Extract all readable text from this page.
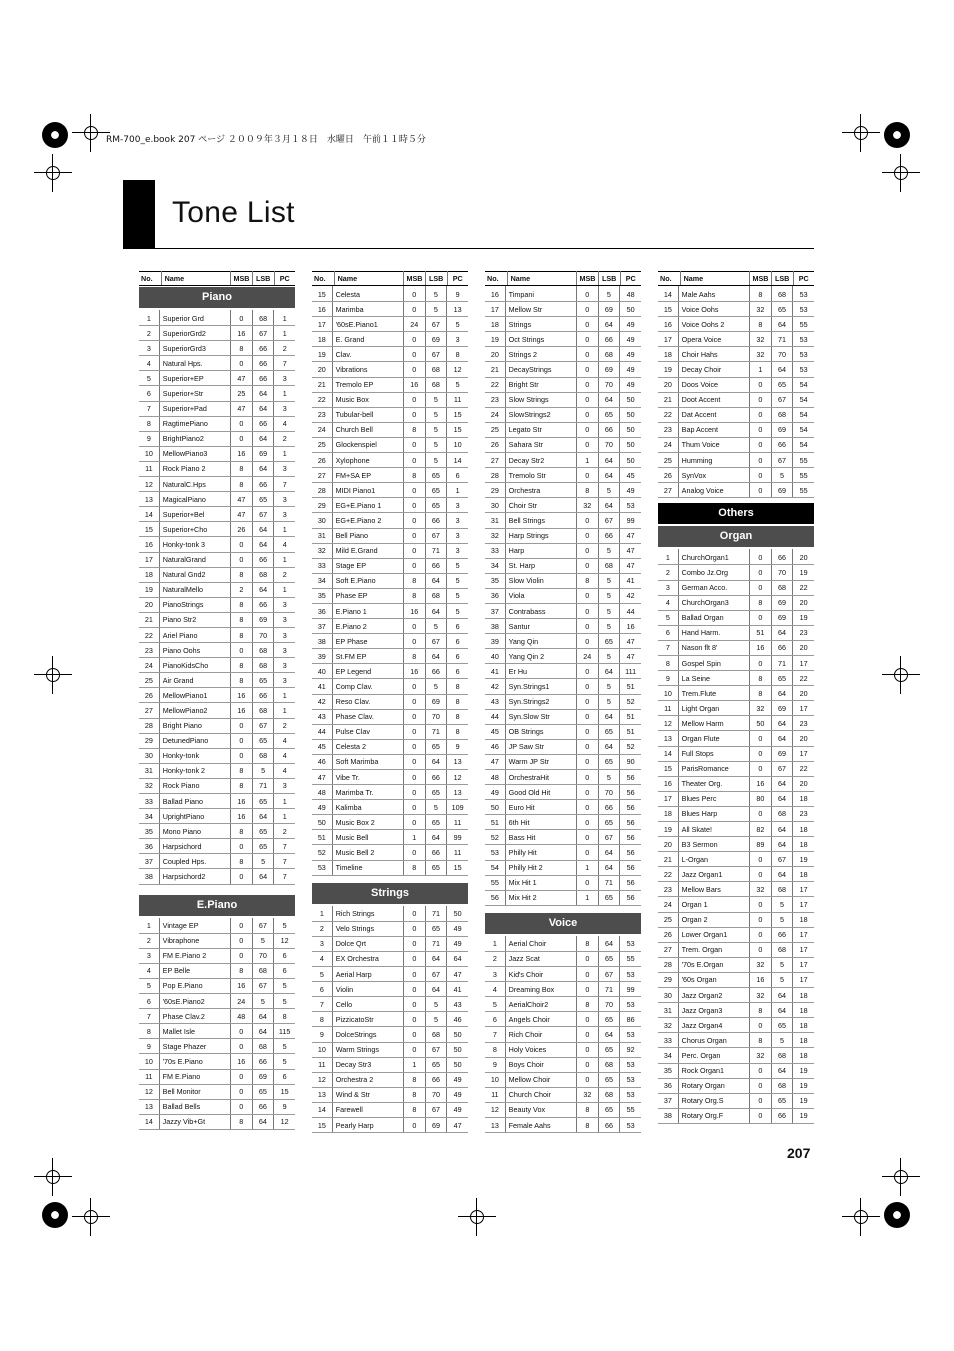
RM-700_e.book 207 ページ ２００９年３月１８日　水曜日　午前１１時５分
Tone List
No.	Name	MSB	LSB	PC
Piano
1	Superior Grd	0	68	1
2	SuperiorGrd2	16	67	1
3	SuperiorGrd3	8	66	2
4	Natural Hps.	0	66	7
5	Superior+EP	47	66	3
6	Superior+Str	25	64	1
7	Superior+Pad	47	64	3
8	RagtimePiano	0	66	4
9	BrightPiano2	0	64	2
10	MellowPiano3	16	69	1
11	Rock Piano 2	8	64	3
12	NaturalC.Hps	8	66	7
13	MagicalPiano	47	65	3
14	Superior+Bel	47	67	3
15	Superior+Cho	26	64	1
16	Honky-tonk 3	0	64	4
17	NaturalGrand	0	66	1
18	Natural Gnd2	8	68	2
19	NaturalMello	2	64	1
20	PianoStrings	8	66	3
21	Piano Str2	8	69	3
22	Ariel Piano	8	70	3
23	Piano Oohs	0	68	3
24	PianoKidsCho	8	68	3
25	Air Grand	8	65	3
26	MellowPiano1	16	66	1
27	MellowPiano2	16	68	1
28	Bright Piano	0	67	2
29	DetunedPiano	0	65	4
30	Honky-tonk	0	68	4
31	Honky-tonk 2	8	5	4
32	Rock Piano	8	71	3
33	Ballad Piano	16	65	1
34	UprightPiano	16	64	1
35	Mono Piano	8	65	2
36	Harpsichord	0	65	7
37	Coupled Hps.	8	5	7
38	Harpsichord2	0	64	7
E.Piano
1	Vintage EP	0	67	5
2	Vibraphone	0	5	12
3	FM E.Piano 2	0	70	6
4	EP Belle	8	68	6
5	Pop E.Piano	16	67	5
6	'60sE.Piano2	24	5	5
7	Phase Clav.2	48	64	8
8	Mallet Isle	0	64	115
9	Stage Phazer	0	68	5
10	'70s E.Piano	16	66	5
11	FM E.Piano	0	69	6
12	Bell Monitor	0	65	15
13	Ballad Bells	0	66	9
14	Jazzy Vib+Gt	8	64	12
No.	Name	MSB	LSB	PC
15	Celesta	0	5	9
16	Marimba	0	5	13
17	'60sE.Piano1	24	67	5
18	E. Grand	0	69	3
19	Clav.	0	67	8
20	Vibrations	0	68	12
21	Tremolo EP	16	68	5
22	Music Box	0	5	11
23	Tubular-bell	0	5	15
24	Church Bell	8	5	15
25	Glockenspiel	0	5	10
26	Xylophone	0	5	14
27	FM+SA EP	8	65	6
28	MIDI Piano1	0	65	1
29	EG+E.Piano 1	0	65	3
30	EG+E.Piano 2	0	66	3
31	Bell Piano	0	67	3
32	Mild E.Grand	0	71	3
33	Stage EP	0	66	5
34	Soft E.Piano	8	64	5
35	Phase EP	8	68	5
36	E.Piano 1	16	64	5
37	E.Piano 2	0	5	6
38	EP Phase	0	67	6
39	St.FM EP	8	64	6
40	EP Legend	16	66	6
41	Comp Clav.	0	5	8
42	Reso Clav.	0	69	8
43	Phase Clav.	0	70	8
44	Pulse Clav	0	71	8
45	Celesta 2	0	65	9
46	Soft Marimba	0	64	13
47	Vibe Tr.	0	66	12
48	Marimba Tr.	0	65	13
49	Kalimba	0	5	109
50	Music Box 2	0	65	11
51	Music Bell	1	64	99
52	Music Bell 2	0	66	11
53	Timeline	8	65	15
Strings
1	Rich Strings	0	71	50
2	Velo Strings	0	65	49
3	Dolce Qrt	0	71	49
4	EX Orchestra	0	64	64
5	Aerial Harp	0	67	47
6	Violin	0	64	41
7	Cello	0	5	43
8	PizzicatoStr	0	5	46
9	DolceStrings	0	68	50
10	Warm Strings	0	67	50
11	Decay Str3	1	65	50
12	Orchestra 2	8	66	49
13	Wind & Str	8	70	49
14	Farewell	8	67	49
15	Pearly Harp	0	69	47
No.	Name	MSB	LSB	PC
16	Timpani	0	5	48
17	Mellow Str	0	69	50
18	Strings	0	64	49
19	Oct Strings	0	66	49
20	Strings 2	0	68	49
21	DecayStrings	0	69	49
22	Bright Str	0	70	49
23	Slow Strings	0	64	50
24	SlowStrings2	0	65	50
25	Legato Str	0	66	50
26	Sahara Str	0	70	50
27	Decay Str2	1	64	50
28	Tremolo Str	0	64	45
29	Orchestra	8	5	49
30	Choir Str	32	64	53
31	Bell Strings	0	67	99
32	Harp Strings	0	66	47
33	Harp	0	5	47
34	St. Harp	0	68	47
35	Slow Violin	8	5	41
36	Viola	0	5	42
37	Contrabass	0	5	44
38	Santur	0	5	16
39	Yang Qin	0	65	47
40	Yang Qin 2	24	5	47
41	Er Hu	0	64	111
42	Syn.Strings1	0	5	51
43	Syn.Strings2	0	5	52
44	Syn.Slow Str	0	64	51
45	OB Strings	0	65	51
46	JP Saw Str	0	64	52
47	Warm JP Str	0	65	90
48	OrchestraHit	0	5	56
49	Good Old Hit	0	70	56
50	Euro Hit	0	66	56
51	6th Hit	0	65	56
52	Bass Hit	0	67	56
53	Philly Hit	0	64	56
54	Philly Hit 2	1	64	56
55	Mix Hit 1	0	71	56
56	Mix Hit 2	1	65	56
Voice
1	Aerial Choir	8	64	53
2	Jazz Scat	0	65	55
3	Kid's Choir	0	67	53
4	Dreaming Box	0	71	99
5	AerialChoir2	8	70	53
6	Angels Choir	0	65	86
7	Rich Choir	0	64	53
8	Holy Voices	0	65	92
9	Boys Choir	0	68	53
10	Mellow Choir	0	65	53
11	Church Choir	32	68	53
12	Beauty Vox	8	65	55
13	Female Aahs	8	66	53
No.	Name	MSB	LSB	PC
14	Male Aahs	8	68	53
15	Voice Oohs	32	65	53
16	Voice Oohs 2	8	64	55
17	Opera Voice	32	71	53
18	Choir Hahs	32	70	53
19	Decay Choir	1	64	53
20	Doos Voice	0	65	54
21	Doot Accent	0	67	54
22	Dat Accent	0	68	54
23	Bap Accent	0	69	54
24	Thum Voice	0	66	54
25	Humming	0	67	55
26	SynVox	0	5	55
27	Analog Voice	0	69	55
Others
Organ
1	ChurchOrgan1	0	66	20
2	Combo Jz.Org	0	70	19
3	German Acco.	0	68	22
4	ChurchOrgan3	8	69	20
5	Ballad Organ	0	69	19
6	Hand Harm.	51	64	23
7	Nason flt 8'	16	66	20
8	Gospel Spin	0	71	17
9	La Seine	8	65	22
10	Trem.Flute	8	64	20
11	Light Organ	32	69	17
12	Mellow Harm	50	64	23
13	Organ Flute	0	64	20
14	Full Stops	0	69	17
15	ParisRomance	0	67	22
16	Theater Org.	16	64	20
17	Blues Perc	80	64	18
18	Blues Harp	0	68	23
19	All Skate!	82	64	18
20	B3 Sermon	89	64	18
21	L-Organ	0	67	19
22	Jazz Organ1	0	64	18
23	Mellow Bars	32	68	17
24	Organ 1	0	5	17
25	Organ 2	0	5	18
26	Lower Organ1	0	66	17
27	Trem. Organ	0	68	17
28	'70s E.Organ	32	5	17
29	'60s Organ	16	5	17
30	Jazz Organ2	32	64	18
31	Jazz Organ3	8	64	18
32	Jazz Organ4	0	65	18
33	Chorus Organ	8	5	18
34	Perc. Organ	32	68	18
35	Rock Organ1	0	64	19
36	Rotary Organ	0	68	19
37	Rotary Org.S	0	65	19
38	Rotary Org.F	0	66	19
207
